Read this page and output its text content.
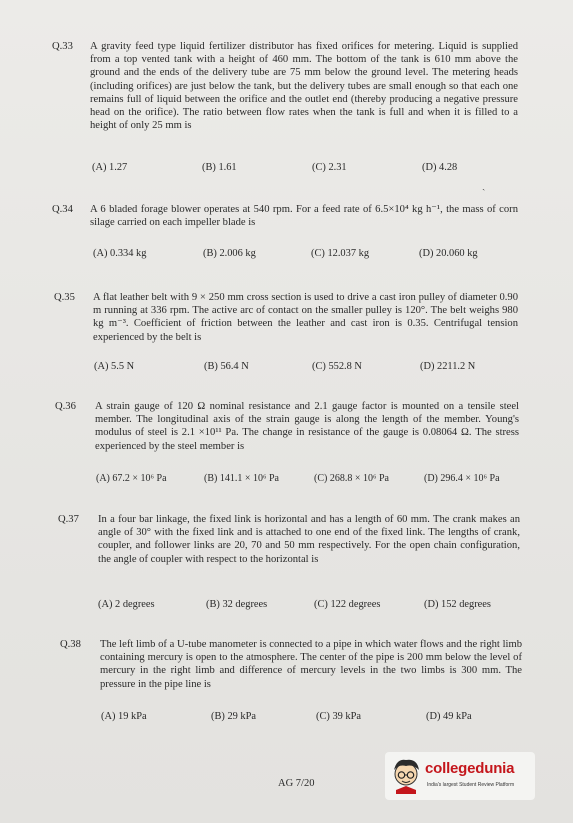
Q.33	A gravity feed type liquid fertilizer distributor has fixed orifices for metering. Liquid is supplied from a top vented tank with a height of 460 mm. The bottom of the tank is 610 mm above the ground and the ends of the delivery tube are 75 mm below the ground level. The metering heads (including orifices) are just below the tank, but the delivery tubes are small enough so that each one remains full of liquid between the orifice and the outlet end (thereby producing a negative pressure head on the orifice). The ratio between flow rates when the tank is full and when it is filled to a height of only 25 mm is
(A) 1.27	(B) 1.61	(C) 2.31	(D) 4.28
ˏ
Q.34	A 6 bladed forage blower operates at 540 rpm. For a feed rate of 6.5×10⁴ kg h⁻¹, the mass of corn silage carried on each impeller blade is
(A) 0.334 kg	(B) 2.006 kg	(C) 12.037 kg	(D) 20.060 kg
Q.35	A flat leather belt with 9 × 250 mm cross section is used to drive a cast iron pulley of diameter 0.90 m running at 336 rpm. The active arc of contact on the smaller pulley is 120°. The belt weighs 980 kg m⁻³. Coefficient of friction between the leather and cast iron is 0.35. Centrifugal tension experienced by the belt is
(A) 5.5 N	(B) 56.4 N	(C) 552.8 N	(D) 2211.2 N
Q.36	A strain gauge of 120 Ω nominal resistance and 2.1 gauge factor is mounted on a tensile steel member. The longitudinal axis of the strain gauge is along the length of the member. Young's modulus of steel is 2.1 ×10¹¹ Pa. The change in resistance of the gauge is 0.08064 Ω. The stress experienced by the steel member is
(A) 67.2 × 10⁶ Pa	(B) 141.1 × 10⁶ Pa	(C) 268.8 × 10⁶ Pa	(D) 296.4 × 10⁶ Pa
Q.37	In a four bar linkage, the fixed link is horizontal and has a length of 60 mm. The crank makes an angle of 30° with the fixed link and is attached to one end of the fixed link. The lengths of crank, coupler, and follower links are 20, 70 and 50 mm respectively. For the open chain configuration, the angle of coupler with respect to the horizontal is
(A) 2 degrees	(B) 32 degrees	(C) 122 degrees	(D) 152 degrees
Q.38	The left limb of a U-tube manometer is connected to a pipe in which water flows and the right limb containing mercury is open to the atmosphere. The center of the pipe is 200 mm below the level of mercury in the right limb and difference of mercury levels in the two limbs is 300 mm. The pressure in the pipe line is
(A) 19 kPa	(B) 29 kPa	(C) 39 kPa	(D) 49 kPa
AG 7/20
collegedunia
India's largest Student Review Platform
